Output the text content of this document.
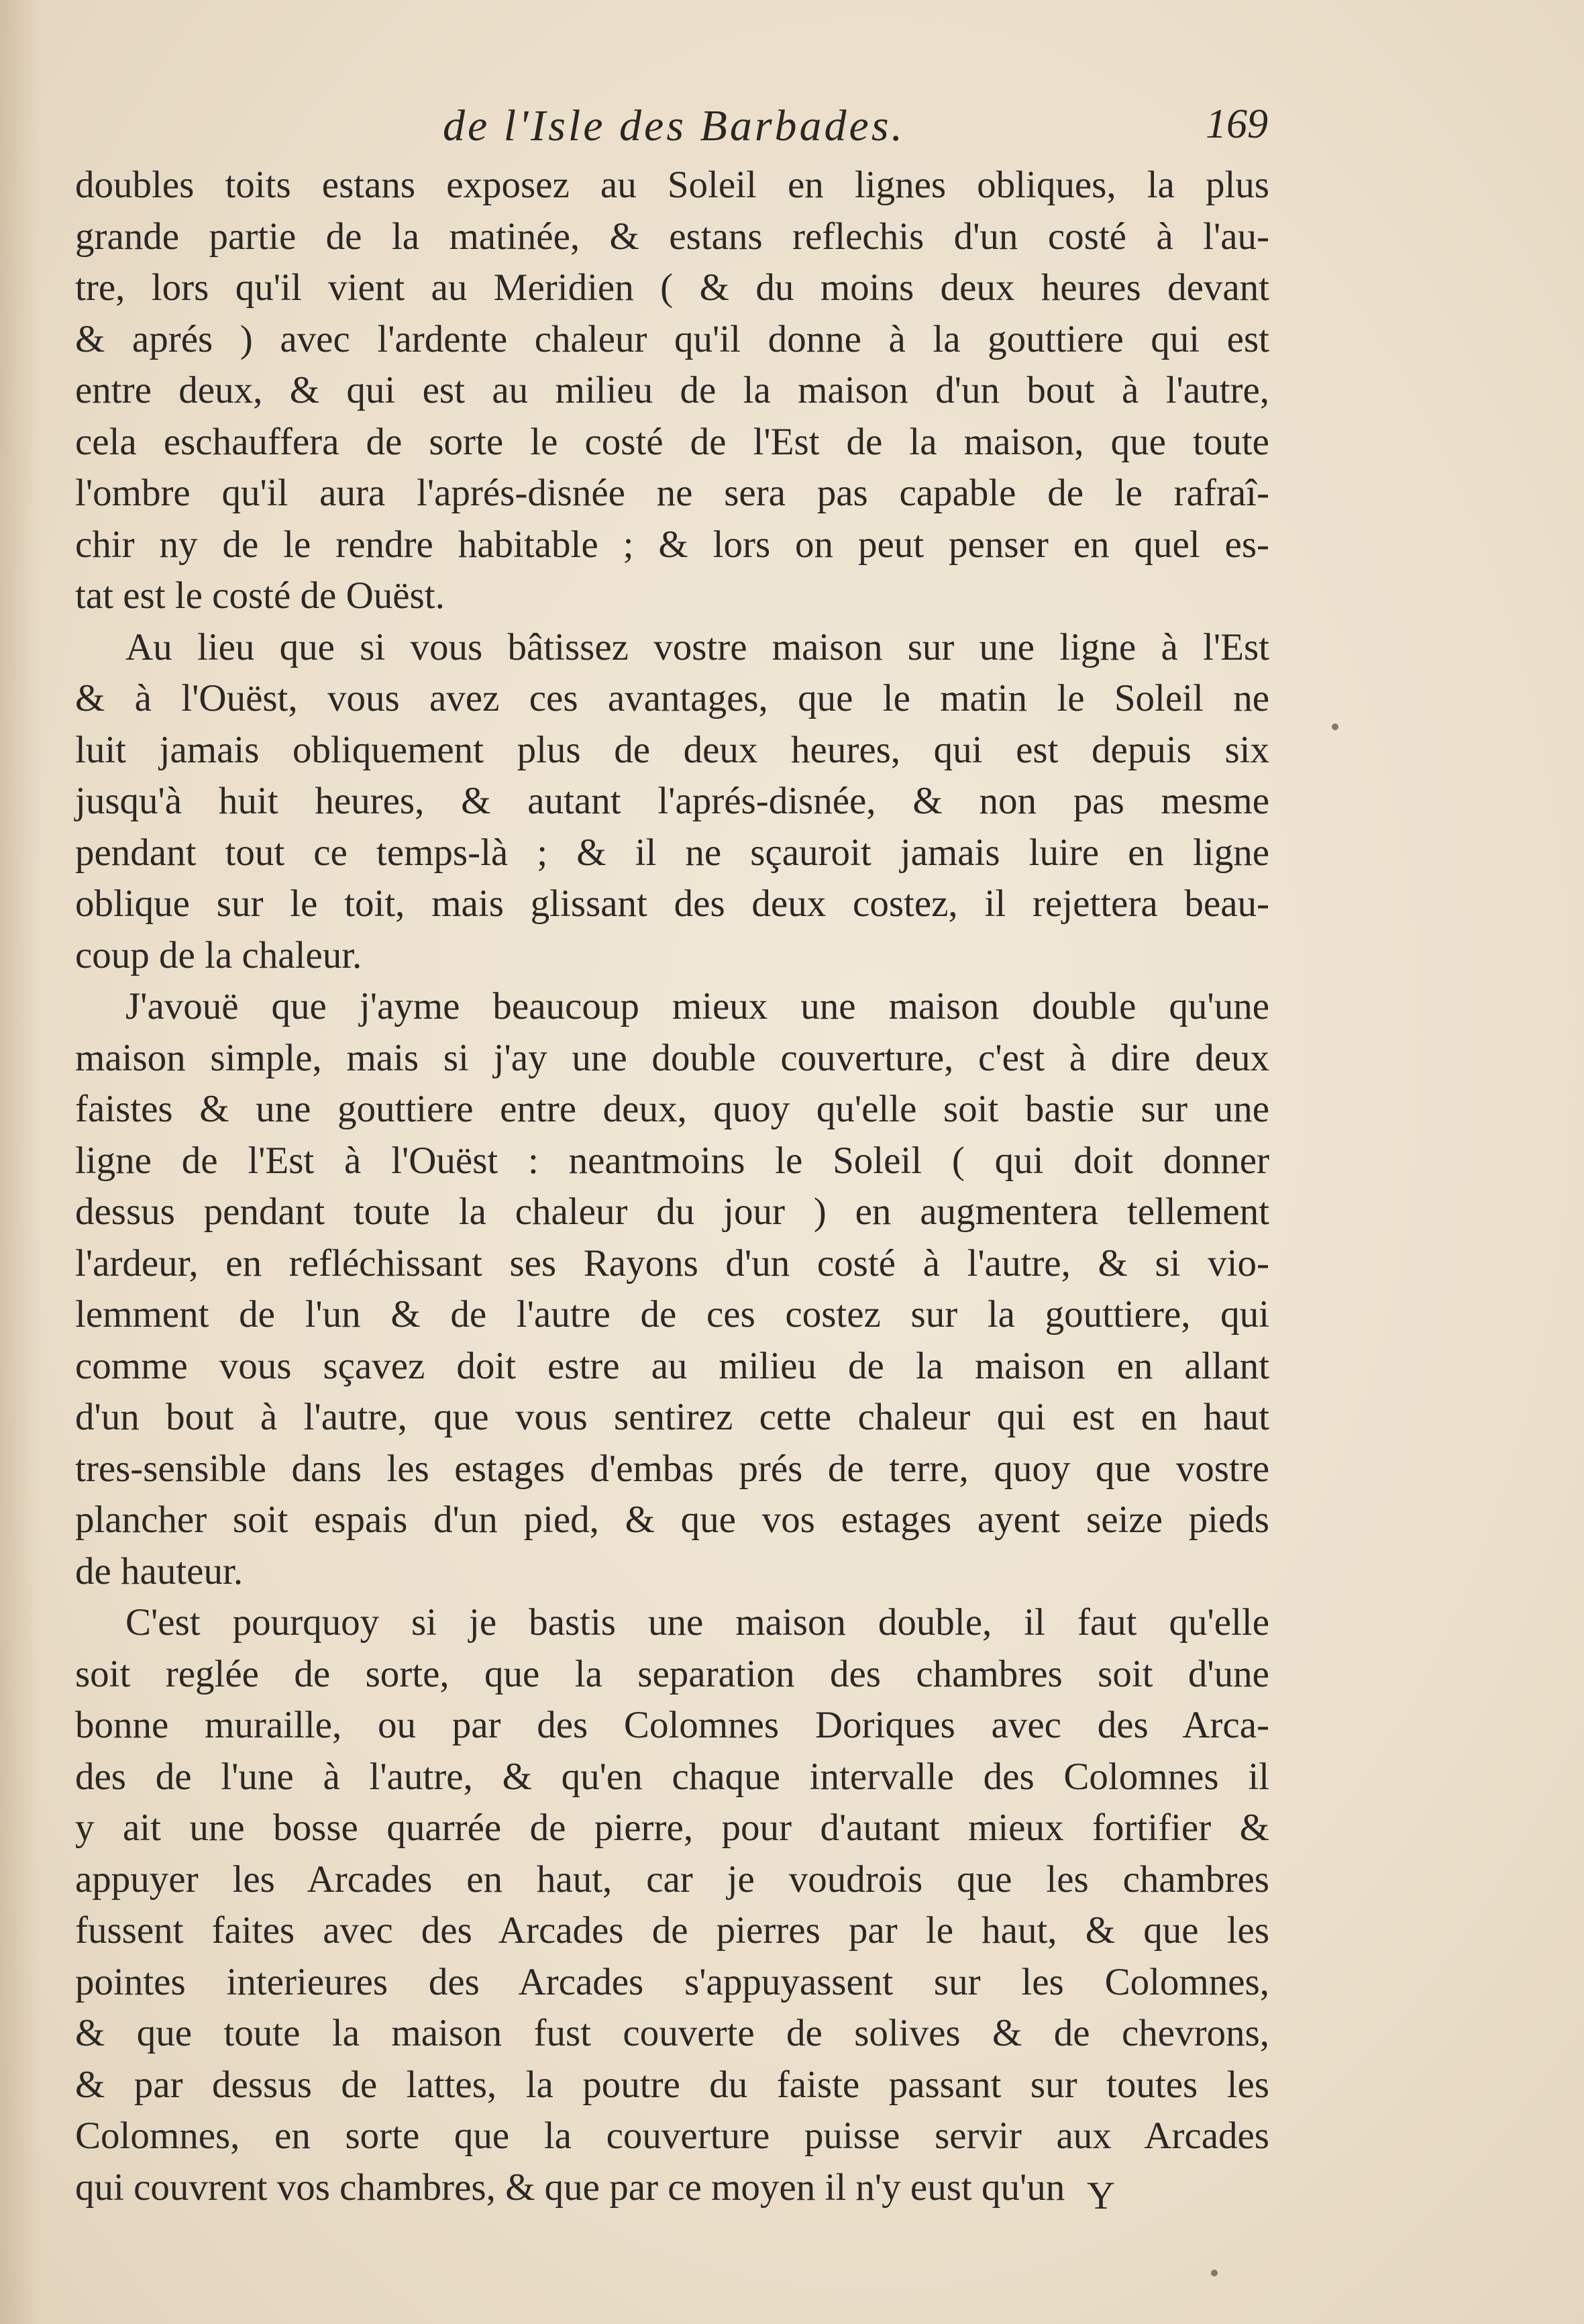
de l'Isle des Barbades.	169
doubles toits estans exposez au Soleil en lignes obliques, la plus
grande partie de la matinée, & estans reflechis d'un costé à l'au-
tre, lors qu'il vient au Meridien ( & du moins deux heures devant
& aprés ) avec l'ardente chaleur qu'il donne à la gouttiere qui est
entre deux, & qui est au milieu de la maison d'un bout à l'autre,
cela eschauffera de sorte le costé de l'Est de la maison, que toute
l'ombre qu'il aura l'aprés-disnée ne sera pas capable de le rafraî-
chir ny de le rendre habitable ; & lors on peut penser en quel es-
tat est le costé de Ouëst.
Au lieu que si vous bâtissez vostre maison sur une ligne à l'Est
& à l'Ouëst, vous avez ces avantages, que le matin le Soleil ne
luit jamais obliquement plus de deux heures, qui est depuis six
jusqu'à huit heures, & autant l'aprés-disnée, & non pas mesme
pendant tout ce temps-là ; & il ne sçauroit jamais luire en ligne
oblique sur le toit, mais glissant des deux costez, il rejettera beau-
coup de la chaleur.
J'avouë que j'ayme beaucoup mieux une maison double qu'une
maison simple, mais si j'ay une double couverture, c'est à dire deux
faistes & une gouttiere entre deux, quoy qu'elle soit bastie sur une
ligne de l'Est à l'Ouëst : neantmoins le Soleil ( qui doit donner
dessus pendant toute la chaleur du jour ) en augmentera tellement
l'ardeur, en refléchissant ses Rayons d'un costé à l'autre, & si vio-
lemment de l'un & de l'autre de ces costez sur la gouttiere, qui
comme vous sçavez doit estre au milieu de la maison en allant
d'un bout à l'autre, que vous sentirez cette chaleur qui est en haut
tres-sensible dans les estages d'embas prés de terre, quoy que vostre
plancher soit espais d'un pied, & que vos estages ayent seize pieds
de hauteur.
C'est pourquoy si je bastis une maison double, il faut qu'elle
soit reglée de sorte, que la separation des chambres soit d'une
bonne muraille, ou par des Colomnes Doriques avec des Arca-
des de l'une à l'autre, & qu'en chaque intervalle des Colomnes il
y ait une bosse quarrée de pierre, pour d'autant mieux fortifier &
appuyer les Arcades en haut, car je voudrois que les chambres
fussent faites avec des Arcades de pierres par le haut, & que les
pointes interieures des Arcades s'appuyassent sur les Colomnes,
& que toute la maison fust couverte de solives & de chevrons,
& par dessus de lattes, la poutre du faiste passant sur toutes les
Colomnes, en sorte que la couverture puisse servir aux Arcades
qui couvrent vos chambres, & que par ce moyen il n'y eust qu'un Y
